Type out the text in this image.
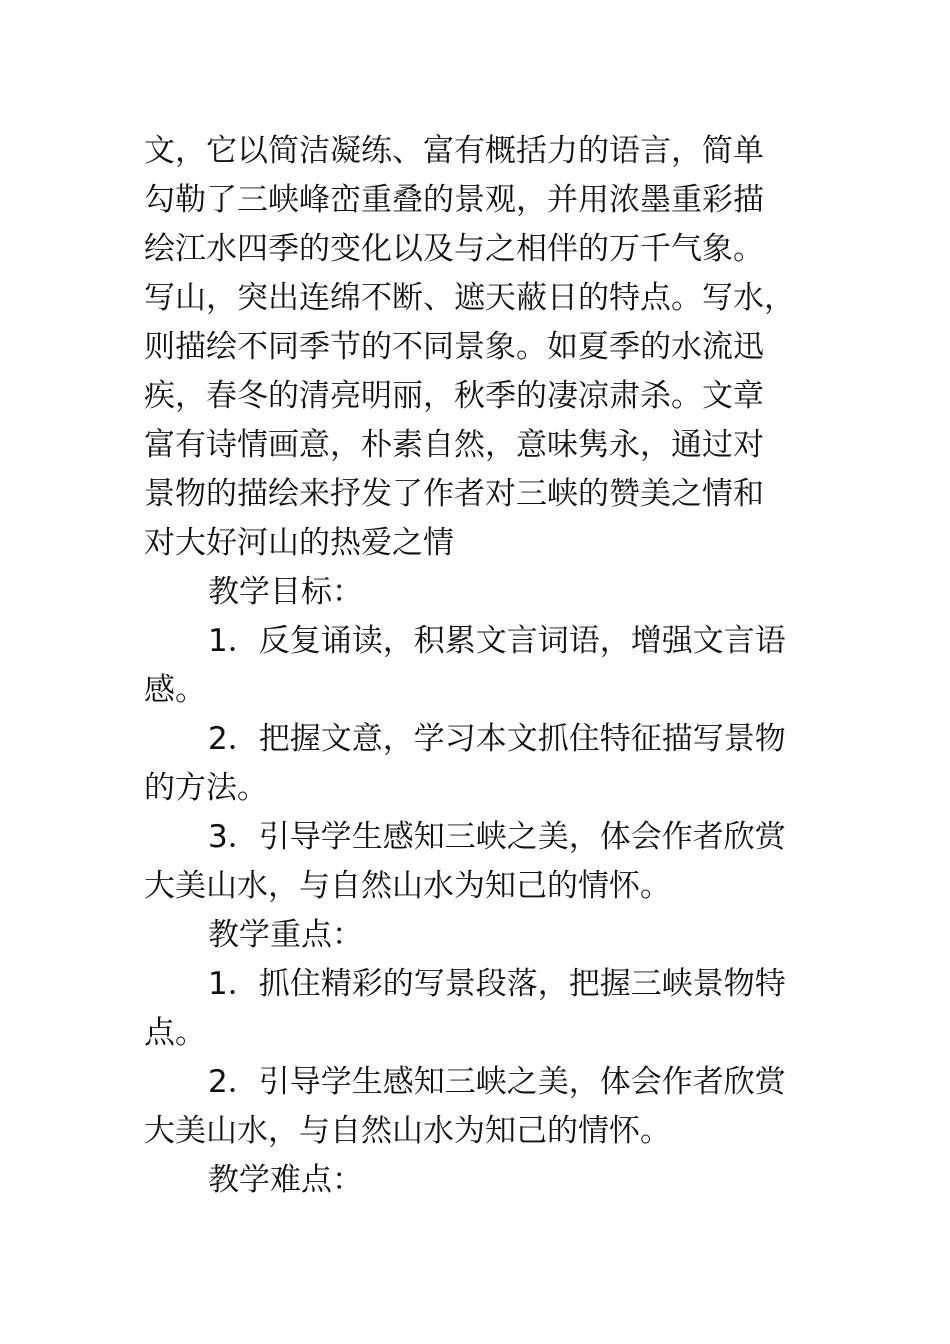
文，它以简洁凝练、富有概括力的语言，简单
勾勒了三峡峰峦重叠的景观，并用浓墨重彩描
绘江水四季的变化以及与之相伴的万千气象。
写山，突出连绵不断、遮天蔽日的特点。写水，
则描绘不同季节的不同景象。如夏季的水流迅
疾，春冬的清亮明丽，秋季的凄凉肃杀。文章
富有诗情画意，朴素自然，意味隽永，通过对
景物的描绘来抒发了作者对三峡的赞美之情和
对大好河山的热爱之情
教学目标：
1．反复诵读，积累文言词语，增强文言语
感。
2．把握文意，学习本文抓住特征描写景物
的方法。
3．引导学生感知三峡之美，体会作者欣赏
大美山水，与自然山水为知己的情怀。
教学重点：
1．抓住精彩的写景段落，把握三峡景物特
点。
2．引导学生感知三峡之美，体会作者欣赏
大美山水，与自然山水为知己的情怀。
教学难点：
